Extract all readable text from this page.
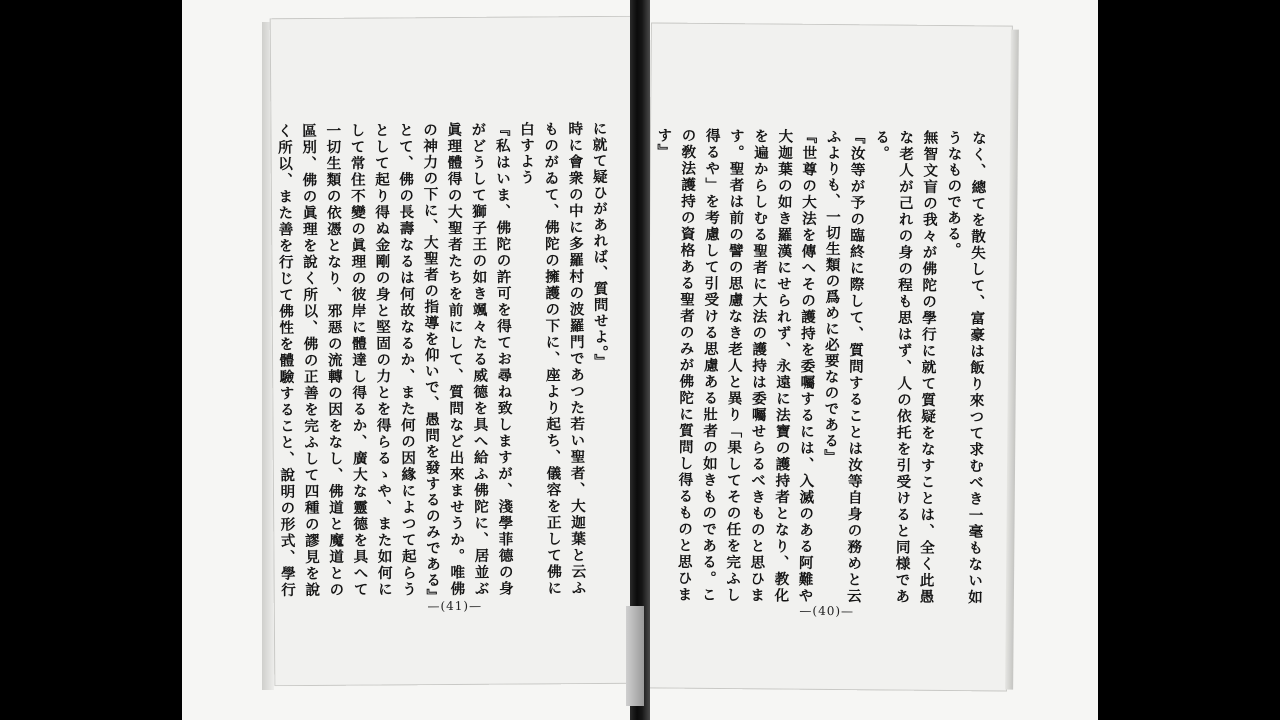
に就て疑ひがあれば、質問せよ。』

時に會衆の中に多羅村の波羅門であつた若い聖者、大迦葉と云ふものがゐて、佛陀の擁護の下に、座より起ち、儀容を正して佛に白すよう

『私はいま、佛陀の許可を得てお尋ね致しますが、淺學菲德の身がどうして獅子王の如き颯々たる威德を具へ給ふ佛陀に、居並ぶ眞理體得の大聖者たちを前にして、質問など出來ませうか。唯佛の神力の下に、大聖者の指導を仰いで、愚問を發するのみである』とて、佛の長壽なるは何故なるか、また何の因緣によつて起らうとして起り得ぬ金剛の身と堅固の力とを得らるゝや、また如何にして常住不變の眞理の彼岸に體達し得るか、廣大な靈德を具へて一切生類の依憑となり、邪惡の流轉の因をなし、佛道と魔道との區別、佛の眞理を說く所以、佛の正善を完ふして四種の謬見を說く所以、また善を行じて佛性を體驗すること、說明の形式、學行の圓修など總て三十四の問題に關して質問を發し、その解答を求めた。

—(41)—

なく、總てを散失して、富豪は飯り來つて求むべき一毫もない如うなものである。

無智文盲の我々が佛陀の學行に就て質疑をなすことは、全く此愚な老人が己れの身の程も思はず、人の依托を引受けると同様である。

『汝等が予の臨終に際して、質問することは汝等自身の務めと云ふよりも、一切生類の爲めに必要なのである』

『世尊の大法を傳へその護持を委囑するには、入滅のある阿難や大迦葉の如き羅漢にせられず、永遠に法寶の護持者となり、教化を遍からしむる聖者に大法の護持は委囑せらるべきものと思ひます。聖者は前の譬の思慮なき老人と異り「果してその任を完ふし得るや」を考慮して引受ける思慮ある壯者の如きものである。この敎法護持の資格ある聖者のみが佛陀に質問し得るものと思ひます』

—(40)—
